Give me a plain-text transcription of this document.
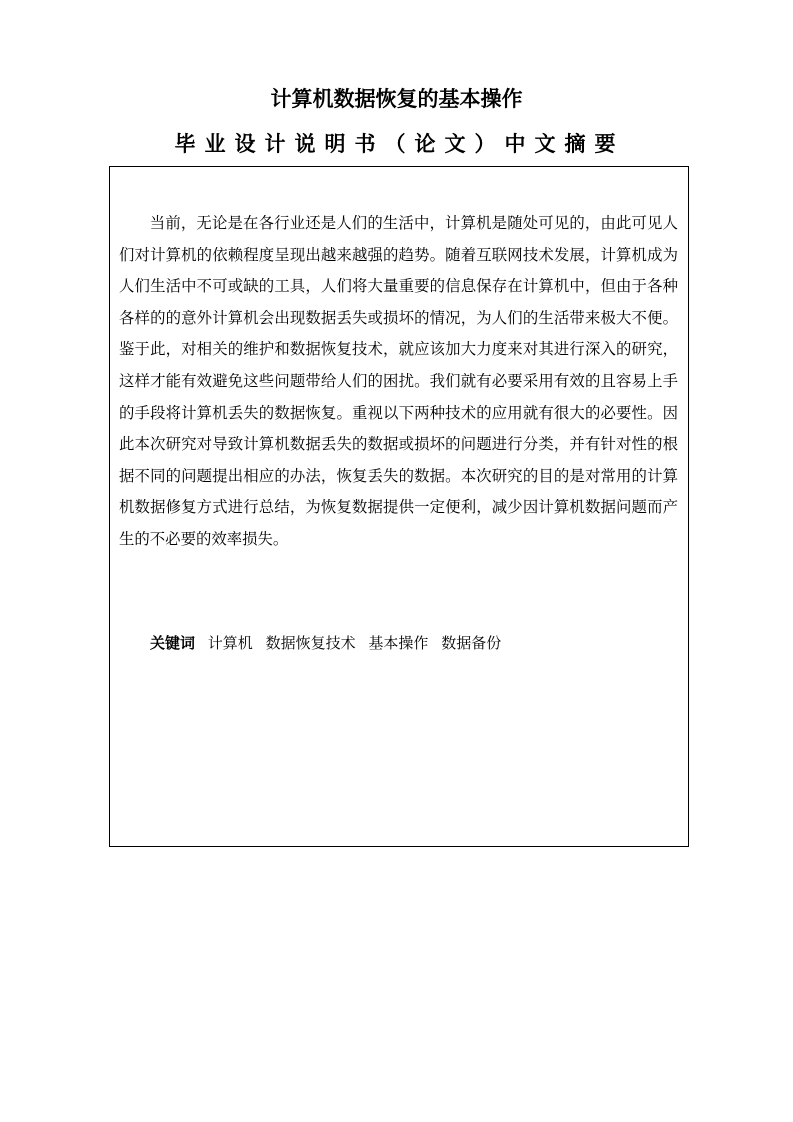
计算机数据恢复的基本操作
毕业设计说明书（论文）中文摘要

当前，无论是在各行业还是人们的生活中，计算机是随处可见的，由此可见人们对计算机的依赖程度呈现出越来越强的趋势。随着互联网技术发展，计算机成为人们生活中不可或缺的工具，人们将大量重要的信息保存在计算机中，但由于各种各样的的意外计算机会出现数据丢失或损坏的情况，为人们的生活带来极大不便。鉴于此，对相关的维护和数据恢复技术，就应该加大力度来对其进行深入的研究，这样才能有效避免这些问题带给人们的困扰。我们就有必要采用有效的且容易上手的手段将计算机丢失的数据恢复。重视以下两种技术的应用就有很大的必要性。因此本次研究对导致计算机数据丢失的数据或损坏的问题进行分类，并有针对性的根据不同的问题提出相应的办法，恢复丢失的数据。本次研究的目的是对常用的计算机数据修复方式进行总结，为恢复数据提供一定便利，减少因计算机数据问题而产生的不必要的效率损失。

关键词 计算机 数据恢复技术 基本操作 数据备份
